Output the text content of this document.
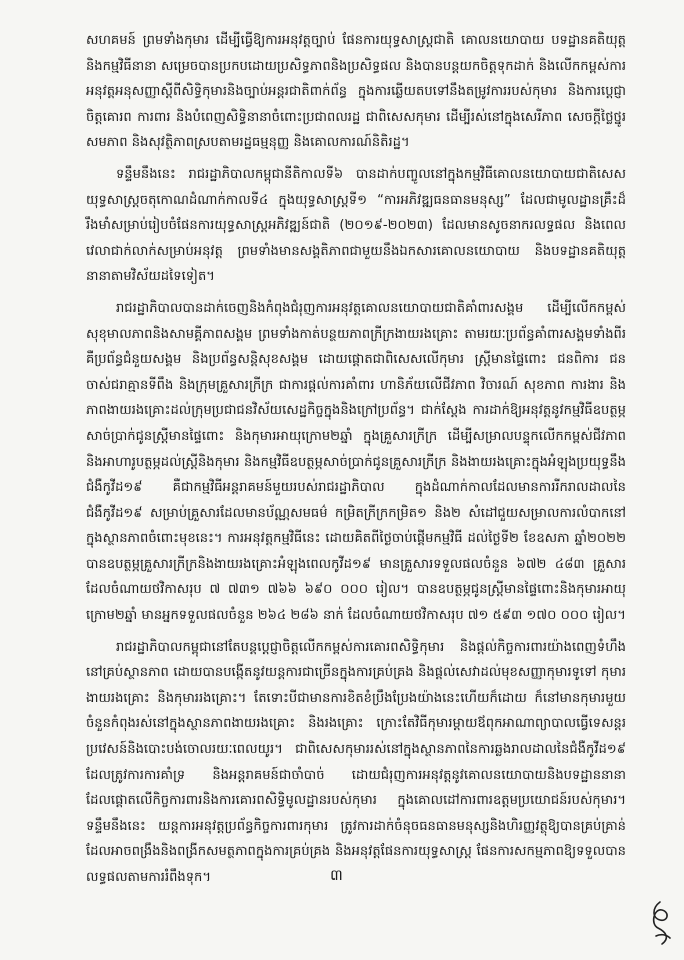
សហគមន៍ ព្រមទាំងកុមារ ដើម្បីធ្វើឱ្យការអនុវត្តច្បាប់ ផែនការយុទ្ធសាស្ត្រជាតិ គោលនយោបាយ បទដ្ឋានគតិយុត្ត និងកម្មវិធីនានា សម្រេចបានប្រកបដោយប្រសិទ្ធភាពនិងប្រសិទ្ធផល និងបានបន្តយកចិត្តទុកដាក់ និងលើកកម្ពស់ការអនុវត្តអនុសញ្ញាស្តីពីសិទ្ធិកុមារនិងច្បាប់អន្តរជាតិពាក់ព័ន្ធ ក្នុងការឆ្លើយតបទៅនឹងតម្រូវការរបស់កុមារ និងការប្តេជ្ញាចិត្តគោរព ការពារ និងបំពេញសិទ្ធិនានាចំពោះប្រជាពលរដ្ឋ ជាពិសេសកុមារ ដើម្បីរស់នៅក្នុងសេរីភាព សេចក្តីថ្លៃថ្នូរ សមភាព និងសុវត្ថិភាពស្របតាមរដ្ឋធម្មនុញ្ញ និងគោលការណ៍និតិរដ្ឋ។

ទន្ទឹមនឹងនេះ រាជរដ្ឋាភិបាលកម្ពុជានីតិកាលទី៦ បានដាក់បញ្ចូលនៅក្នុងកម្មវិធីគោលនយោបាយជាតិសេស យុទ្ធសាស្ត្រចតុកោណដំណាក់កាលទី៤ ក្នុងយុទ្ធសាស្ត្រទី១ “ការអភិវឌ្ឍធនធានមនុស្ស” ដែលជាមូលដ្ឋានគ្រឹះដ៏រឹងមាំសម្រាប់រៀបចំផែនការយុទ្ធសាស្ត្រអភិវឌ្ឍន៍ជាតិ (២០១៩-២០២៣) ដែលមានសូចនាករលទ្ធផល និងពេលវេលាជាក់លាក់សម្រាប់អនុវត្ត ព្រមទាំងមានសង្គតិភាពជាមួយនឹងឯកសារគោលនយោបាយ និងបទដ្ឋានគតិយុត្តនានាតាមវិស័យដទៃទៀត។

រាជរដ្ឋាភិបាលបានដាក់ចេញនិងកំពុងជំរុញការអនុវត្តគោលនយោបាយជាតិគាំពារសង្គម ដើម្បីលើកកម្ពស់សុខុមាលភាពនិងសាមគ្គីភាពសង្គម ព្រមទាំងកាត់បន្ថយភាពក្រីក្រងាយរងគ្រោះ តាមរយៈប្រព័ន្ធគាំពារសង្គមទាំងពីរ គឺប្រព័ន្ធជំនួយសង្គម និងប្រព័ន្ធសន្តិសុខសង្គម ដោយផ្តោតជាពិសេសលើកុមារ ស្ត្រីមានផ្ទៃពោះ ជនពិការ ជនចាស់ជរាគ្មានទីពឹង និងក្រុមគ្រួសារក្រីក្រ ជាការផ្តល់ការគាំពារ ហានិភ័យលើជីវភាព វិចារណ៍ សុខភាព ការងារ និងភាពងាយរងគ្រោះដល់ក្រុមប្រជាជនវិស័យសេដ្ឋកិច្ចក្នុងនិងក្រៅប្រព័ន្ធ។ ជាក់ស្តែង ការដាក់ឱ្យអនុវត្តនូវកម្មវិធីឧបត្ថម្ភសាច់ប្រាក់ជូនស្ត្រីមានផ្ទៃពោះ និងកុមារអាយុក្រោម២ឆ្នាំ ក្នុងគ្រួសារក្រីក្រ ដើម្បីសម្រាលបន្ទុកលើកកម្ពស់ជីវភាព និងអាហារូបត្ថម្ភដល់ស្ត្រីនិងកុមារ និងកម្មវិធីឧបត្ថម្ភសាច់ប្រាក់ជូនគ្រួសារក្រីក្រ និងងាយរងគ្រោះក្នុងអំឡុងប្រយុទ្ធនឹងជំងឺកូវីដ១៩ គឺជាកម្មវិធីអន្តរាគមន៍មួយរបស់រាជរដ្ឋាភិបាល ក្នុងដំណាក់កាលដែលមានការរីករាលដាលនៃជំងឺកូវីដ១៩ សម្រាប់គ្រួសារដែលមានប័ណ្ណសមធម៌ កម្រិតក្រីក្រកម្រិត១ និង២ សំដៅជួយសម្រាលការលំបាកនៅក្នុងស្ថានភាពចំពោះមុខនេះ។ ការអនុវត្តកម្មវិធីនេះ ដោយគិតពីថ្ងៃចាប់ផ្តើមកម្មវិធី ដល់ថ្ងៃទី២ ខែឧសភា ឆ្នាំ២០២២ បានឧបត្ថម្ភគ្រួសារក្រីក្រនិងងាយរងគ្រោះអំឡុងពេលកូវីដ១៩ មានគ្រួសារទទួលផលចំនួន ៦៧២ ៤៨៣ គ្រួសារ ដែលចំណាយថវិកាសរុប ៧ ៧៣១ ៧៦៦ ៦៩០ ០០០ រៀល។ បានឧបត្ថម្ភជូនស្ត្រីមានផ្ទៃពោះនិងកុមារអាយុក្រោម២ឆ្នាំ មានអ្នកទទួលផលចំនួន ២៦៤ ២៨៦ នាក់ ដែលចំណាយថវិកាសរុប ៧១ ៥៩៣ ១៧០ ០០០ រៀល។

រាជរដ្ឋាភិបាលកម្ពុជានៅតែបន្តប្តេជ្ញាចិត្តលើកកម្ពស់ការគោរពសិទ្ធិកុមារ និងផ្តល់កិច្ចការពារយ៉ាងពេញទំហឹងនៅគ្រប់ស្ថានភាព ដោយបានបង្កើតនូវយន្តការជាច្រើនក្នុងការគ្រប់គ្រង និងផ្តល់សេវាដល់មុខសញ្ញាកុមារទូទៅ កុមារងាយរងគ្រោះ និងកុមាររងគ្រោះ។ តែទោះបីជាមានការខិតខំប្រឹងប្រែងយ៉ាងនេះហើយក៏ដោយ ក៏នៅមានកុមារមួយចំនួនកំពុងរស់នៅក្នុងស្ថានភាពងាយរងគ្រោះ និងរងគ្រោះ ក្រោះតែវិធីកុមារម្តាយឪពុកអាណាព្យាបាលធ្វើទេសន្តរប្រវេសន៍និងបោះបង់ចោលរយៈពេលយូរ។ ជាពិសេសកុមាររស់នៅក្នុងស្ថានភាពនៃការឆ្លងរាលដាលនៃជំងឺកូវីដ១៩ ដែលត្រូវការការគាំទ្រ និងអន្តរាគមន៍ជាចាំបាច់ ដោយជំរុញការអនុវត្តនូវគោលនយោបាយនិងបទដ្ឋាននានា ដែលផ្តោតលើកិច្ចការពារនិងការគោរពសិទ្ធិមូលដ្ឋានរបស់កុមារ ក្នុងគោលដៅការពារឧត្តមប្រយោជន៍របស់កុមារ។ ទន្ទឹមនឹងនេះ យន្តការអនុវត្តប្រព័ន្ធកិច្ចការពារកុមារ ត្រូវការដាក់ចំនុចធនធានមនុស្សនិងហិរញ្ញវត្ថុឱ្យបានគ្រប់គ្រាន់ ដែលអាចពង្រឹងនិងពង្រីកសមត្ថភាពក្នុងការគ្រប់គ្រង និងអនុវត្តផែនការយុទ្ធសាស្ត្រ ផែនការសកម្មភាពឱ្យទទួលបានលទ្ធផលតាមការរំពឹងទុក។	៣
